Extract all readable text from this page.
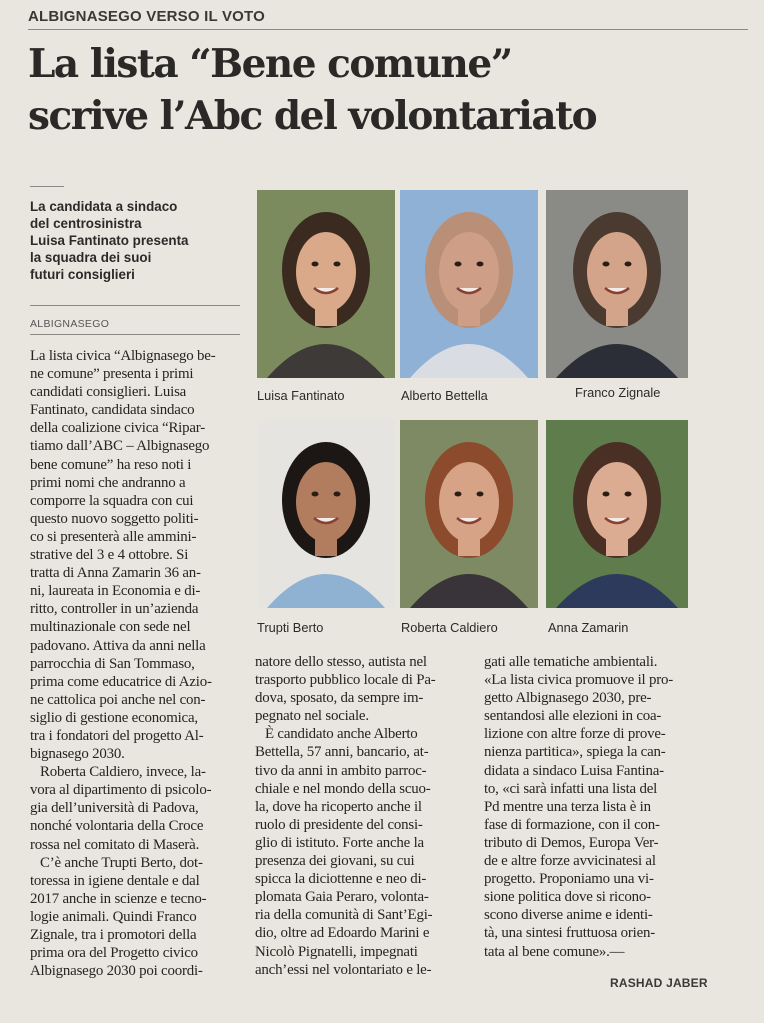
ALBIGNASEGO VERSO IL VOTO
La lista “Bene comune”
scrive l’Abc del volontariato
La candidata a sindaco
del centrosinistra
Luisa Fantinato presenta
la squadra dei suoi
futuri consiglieri
ALBIGNASEGO
Luisa Fantinato	Alberto Bettella	Franco Zignale
Trupti Berto	Roberta Caldiero	Anna Zamarin
La lista civica “Albignasego be-
ne comune” presenta i primi
candidati consiglieri. Luisa
Fantinato, candidata sindaco
della coalizione civica “Ripar-
tiamo dall’ABC – Albignasego
bene comune” ha reso noti i
primi nomi che andranno a
comporre la squadra con cui
questo nuovo soggetto politi-
co si presenterà alle ammini-
strative del 3 e 4 ottobre. Si
tratta di Anna Zamarin 36 an-
ni, laureata in Economia e di-
ritto, controller in un’azienda
multinazionale con sede nel
padovano. Attiva da anni nella
parrocchia di San Tommaso,
prima come educatrice di Azio-
ne cattolica poi anche nel con-
siglio di gestione economica,
tra i fondatori del progetto Al-
bignasego 2030.
Roberta Caldiero, invece, la-
vora al dipartimento di psicolo-
gia dell’università di Padova,
nonché volontaria della Croce
rossa nel comitato di Maserà.
C’è anche Trupti Berto, dot-
toressa in igiene dentale e dal
2017 anche in scienze e tecno-
logie animali. Quindi Franco
Zignale, tra i promotori della
prima ora del Progetto civico
Albignasego 2030 poi coordi-
natore dello stesso, autista nel
trasporto pubblico locale di Pa-
dova, sposato, da sempre im-
pegnato nel sociale.
È candidato anche Alberto
Bettella, 57 anni, bancario, at-
tivo da anni in ambito parroc-
chiale e nel mondo della scuo-
la, dove ha ricoperto anche il
ruolo di presidente del consi-
glio di istituto. Forte anche la
presenza dei giovani, su cui
spicca la diciottenne e neo di-
plomata Gaia Peraro, volonta-
ria della comunità di Sant’Egi-
dio, oltre ad Edoardo Marini e
Nicolò Pignatelli, impegnati
anch’essi nel volontariato e le-
gati alle tematiche ambientali.
«La lista civica promuove il pro-
getto Albignasego 2030, pre-
sentandosi alle elezioni in coa-
lizione con altre forze di prove-
nienza partitica», spiega la can-
didata a sindaco Luisa Fantina-
to, «ci sarà infatti una lista del
Pd mentre una terza lista è in
fase di formazione, con il con-
tributo di Demos, Europa Ver-
de e altre forze avvicinatesi al
progetto. Proponiamo una vi-
sione politica dove si ricono-
scono diverse anime e identi-
tà, una sintesi fruttuosa orien-
tata al bene comune».—
RASHAD JABER
